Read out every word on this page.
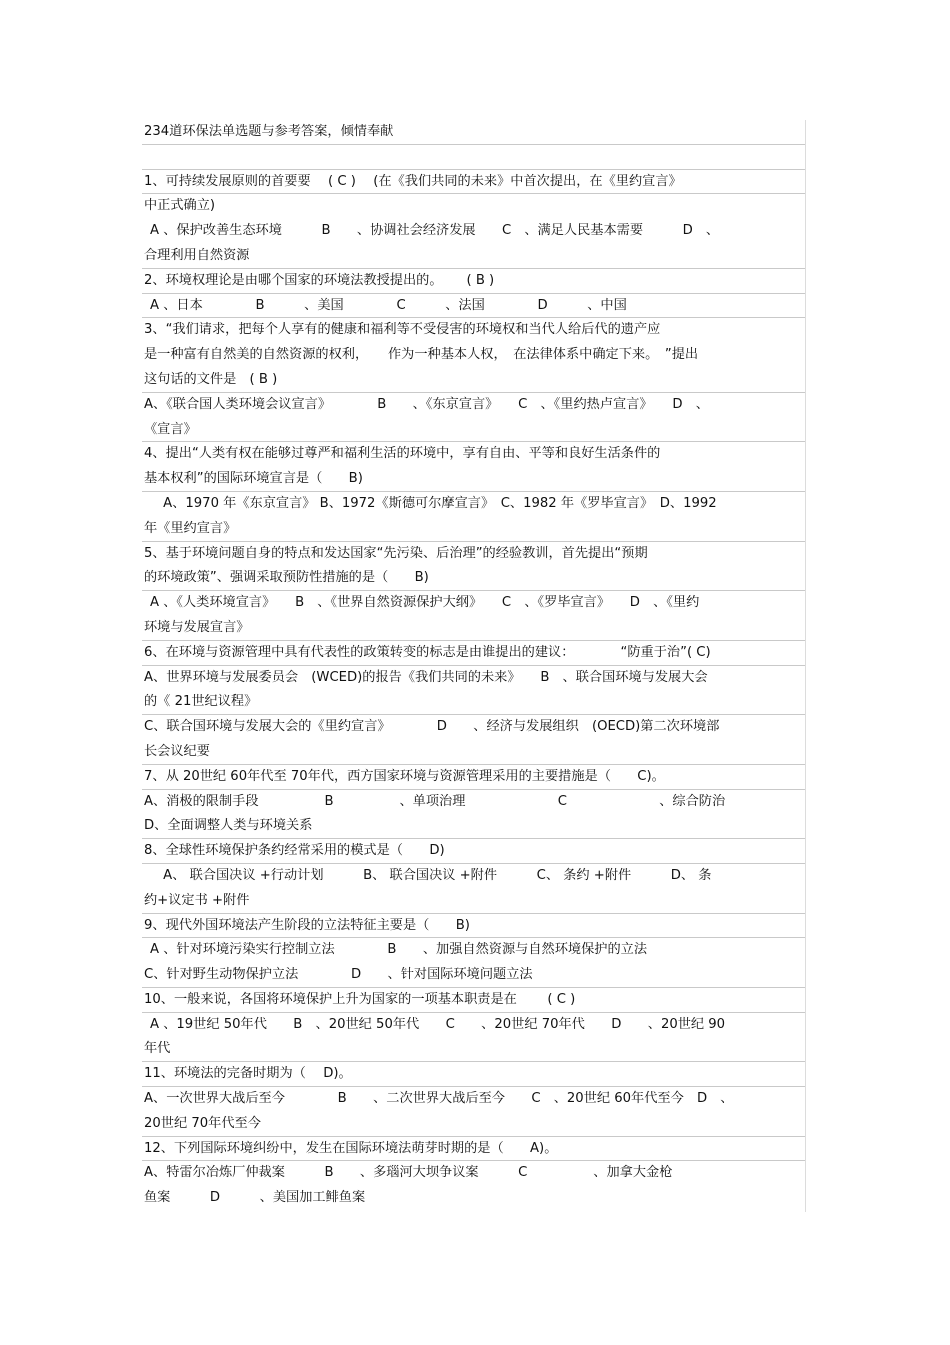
234道环保法单选题与参考答案，倾情奉献
1、可持续发展原则的首要要　 ( C )　 (在《我们共同的未来》中首次提出，在《里约宣言》
中正式确立)
A 、保护改善生态环境　　　B　　、协调社会经济发展　　C　、满足人民基本需要　　　D　、
合理利用自然资源
2、环境权理论是由哪个国家的环境法教授提出的。　　 ( B )
A 、日本　　　　B　　　、美国　　　　C　　　、法国　　　　D　　　、中国
3、“我们请求，把每个人享有的健康和福利等不受侵害的环境权和当代人给后代的遗产应
是一种富有自然美的自然资源的权利，　　作为一种基本人权，　在法律体系中确定下来。　”提出
这句话的文件是　( B )
A、《联合国人类环境会议宣言》　　　　B　　、《东京宣言》　　C　、《里约热卢宣言》　　D　、
《宣言》
4、提出“人类有权在能够过尊严和福利生活的环境中，享有自由、平等和良好生活条件的
基本权利”的国际环境宣言是（　　B)
　A、1970 年《东京宣言》 B、1972《斯德可尔摩宣言》　C、1982 年《罗毕宣言》　D、1992
年《里约宣言》
5、基于环境问题自身的特点和发达国家“先污染、后治理”的经验教训，首先提出“预期
的环境政策”、强调采取预防性措施的是（　　B)
A 、《人类环境宣言》　　B　、《世界自然资源保护大纲》　　C　、《罗毕宣言》　　D　、《里约
环境与发展宣言》
6、在环境与资源管理中具有代表性的政策转变的标志是由谁提出的建议：　　　　“防重于治”( C)
A、世界环境与发展委员会　(WCED)的报告《我们共同的未来》　　B　、联合国环境与发展大会
的《 21世纪议程》
C、联合国环境与发展大会的《里约宣言》　　　　D　　、经济与发展组织　(OECD)第二次环境部
长会议纪要
7、从 20世纪 60年代至 70年代，西方国家环境与资源管理采用的主要措施是（　　C)。
A、消极的限制手段　　　　　B　　　　　、单项治理　　　　　　　C　　　　　　　、综合防治
D、全面调整人类与环境关系
8、全球性环境保护条约经常采用的模式是（　　D)
　A、 联合国决议 +行动计划　　　B、 联合国决议 +附件　　　C、 条约 +附件　　　D、 条
约+议定书 +附件
9、现代外国环境法产生阶段的立法特征主要是（　　B)
A 、针对环境污染实行控制立法　　　　B　　、加强自然资源与自然环境保护的立法
C、针对野生动物保护立法　　　　D　　、针对国际环境问题立法
10、一般来说，各国将环境保护上升为国家的一项基本职责是在　　 ( C )
A 、19世纪 50年代　　B　、20世纪 50年代　　C　　、20世纪 70年代　　D　　、20世纪 90
年代
11、环境法的完备时期为（　 D)。
A、一次世界大战后至今　　　　B　　、二次世界大战后至今　　C　、20世纪 60年代至今　D　、
20世纪 70年代至今
12、下列国际环境纠纷中，发生在国际环境法萌芽时期的是（　　A)。
A、特雷尔冶炼厂仲裁案　　　B　　、多瑙河大坝争议案　　　C　　　　　、加拿大金枪
鱼案　　　D　　　、美国加工鲱鱼案
